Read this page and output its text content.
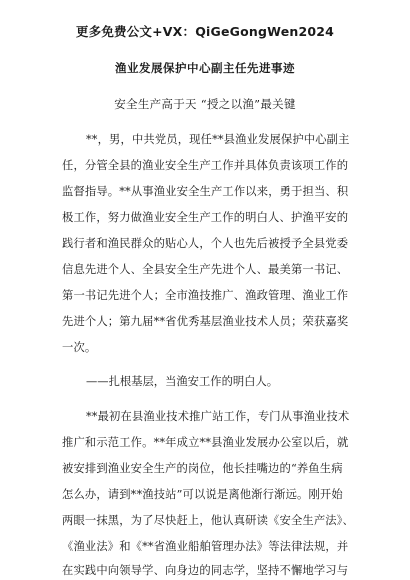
更多免费公文+VX：QiGeGongWen2024
渔业发展保护中心副主任先进事迹
安全生产高于天 “授之以渔”最关键
**，男，中共党员，现任**县渔业发展保护中心副主
任，分管全县的渔业安全生产工作并具体负责该项工作的
监督指导。**从事渔业安全生产工作以来，勇于担当、积
极工作，努力做渔业安全生产工作的明白人、护渔平安的
践行者和渔民群众的贴心人，个人也先后被授予全县党委
信息先进个人、全县安全生产先进个人、最美第一书记、
第一书记先进个人；全市渔技推广、渔政管理、渔业工作
先进个人；第九届**省优秀基层渔业技术人员；荣获嘉奖
一次。
——扎根基层，当渔安工作的明白人。
**最初在县渔业技术推广站工作，专门从事渔业技术
推广和示范工作。**年成立**县渔业发展办公室以后，就
被安排到渔业安全生产的岗位，他长挂嘴边的“养鱼生病
怎么办，请到**渔技站”可以说是离他渐行渐远。刚开始
两眼一抹黑，为了尽快赶上，他认真研读《安全生产法》、
《渔业法》和《**省渔业船舶管理办法》等法律法规，并
在实践中向领导学、向身边的同志学，坚持不懈地学习与
